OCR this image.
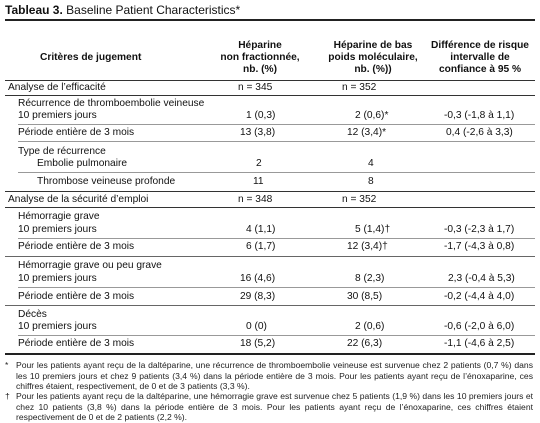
Tableau 3. Baseline Patient Characteristics*
Critères de jugement
Héparine
non fractionnée,
nb. (%)
Héparine de bas
poids moléculaire,
nb. (%))
Différence de risque
intervalle de
confiance à 95 %
Analyse de l’efficacité	n = 345	n = 352
Récurrence de thromboembolie veineuse
10 premiers jours	1 (0,3)	2 (0,6)*	-0,3 (-1,8 à 1,1)
Période entière de 3 mois	13 (3,8)	12 (3,4)*	0,4 (-2,6 à 3,3)
Type de récurrence
Embolie pulmonaire	2	4
Thrombose veineuse profonde	11	8
Analyse de la sécurité d’emploi	n = 348	n = 352
Hémorragie grave
10 premiers jours	4 (1,1)	5 (1,4)†	-0,3 (-2,3 à 1,7)
Période entière de 3 mois	6 (1,7)	12 (3,4)†	-1,7 (-4,3 à 0,8)
Hémorragie grave ou peu grave
10 premiers jours	16 (4,6)	8 (2,3)	2,3 (-0,4 à 5,3)
Période entière de 3 mois	29 (8,3)	30 (8,5)	-0,2 (-4,4 à 4,0)
Décès
10 premiers jours	0 (0)	2 (0,6)	-0,6 (-2,0 à 6,0)
Période entière de 3 mois	18 (5,2)	22 (6,3)	-1,1 (-4,6 à 2,5)
* Pour les patients ayant reçu de la daltéparine, une récurrence de thromboembolie veineuse est survenue chez 2 patients (0,7 %) dans les 10 premiers jours et chez 9 patients (3,4 %) dans la période entière de 3 mois. Pour les patients ayant reçu de l’énoxaparine, ces chiffres étaient, respectivement, de 0 et de 3 patients (3,3 %).
† Pour les patients ayant reçu de la daltéparine, une hémorragie grave est survenue chez 5 patients (1,9 %) dans les 10 premiers jours et chez 10 patients (3,8 %) dans la période entière de 3 mois. Pour les patients ayant reçu de l’énoxaparine, ces chiffres étaient respectivement de 0 et de 2 patients (2,2 %).
